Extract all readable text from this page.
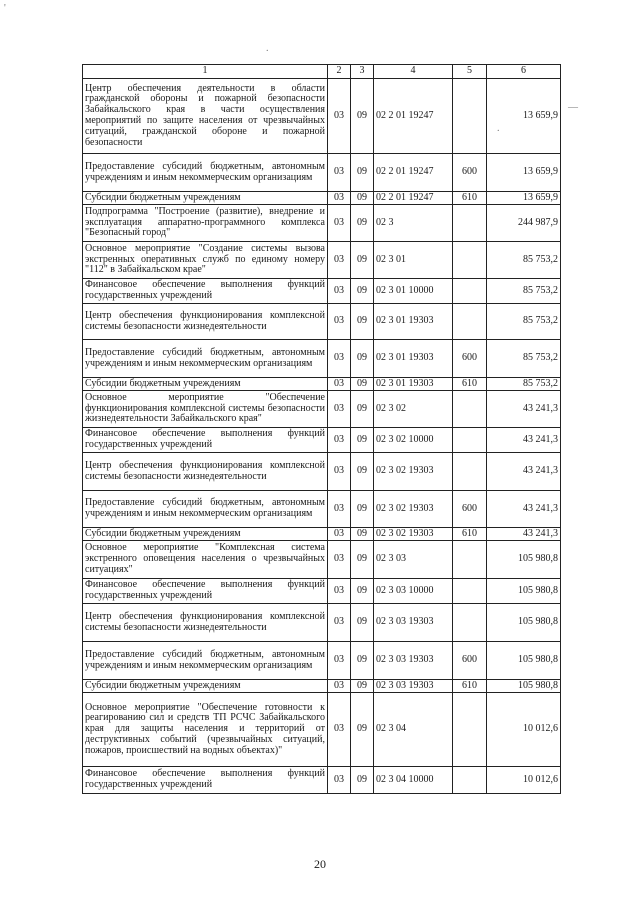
'
.
—
.
1	2	3	4	5	6
Центр обеспечения деятельности в области гражданской обороны и пожарной безопасности Забайкальского края в части осуществления мероприятий по защите населения от чрезвычайных ситуаций, гражданской обороне и пожарной безопасности	03	09	02 2 01 19247		13 659,9
Предоставление субсидий бюджетным, автономным учреждениям и иным некоммерческим организациям	03	09	02 2 01 19247	600	13 659,9
Субсидии бюджетным учреждениям	03	09	02 2 01 19247	610	13 659,9
Подпрограмма "Построение (развитие), внедрение и эксплуатация аппаратно-программного комплекса "Безопасный город"	03	09	02 3		244 987,9
Основное мероприятие "Создание системы вызова экстренных оперативных служб по единому номеру "112" в Забайкальском крае"	03	09	02 3 01		85 753,2
Финансовое обеспечение выполнения функций государственных учреждений	03	09	02 3 01 10000		85 753,2
Центр обеспечения функционирования комплексной системы безопасности жизнедеятельности	03	09	02 3 01 19303		85 753,2
Предоставление субсидий бюджетным, автономным учреждениям и иным некоммерческим организациям	03	09	02 3 01 19303	600	85 753,2
Субсидии бюджетным учреждениям	03	09	02 3 01 19303	610	85 753,2
Основное мероприятие "Обеспечение функционирования комплексной системы безопасности жизнедеятельности Забайкальского края"	03	09	02 3 02		43 241,3
Финансовое обеспечение выполнения функций государственных учреждений	03	09	02 3 02 10000		43 241,3
Центр обеспечения функционирования комплексной системы безопасности жизнедеятельности	03	09	02 3 02 19303		43 241,3
Предоставление субсидий бюджетным, автономным учреждениям и иным некоммерческим организациям	03	09	02 3 02 19303	600	43 241,3
Субсидии бюджетным учреждениям	03	09	02 3 02 19303	610	43 241,3
Основное мероприятие "Комплексная система экстренного оповещения населения о чрезвычайных ситуациях"	03	09	02 3 03		105 980,8
Финансовое обеспечение выполнения функций государственных учреждений	03	09	02 3 03 10000		105 980,8
Центр обеспечения функционирования комплексной системы безопасности жизнедеятельности	03	09	02 3 03 19303		105 980,8
Предоставление субсидий бюджетным, автономным учреждениям и иным некоммерческим организациям	03	09	02 3 03 19303	600	105 980,8
Субсидии бюджетным учреждениям	03	09	02 3 03 19303	610	105 980,8
Основное мероприятие "Обеспечение готовности к реагированию сил и средств ТП РСЧС Забайкальского края для защиты населения и территорий от деструктивных событий (чрезвычайных ситуаций, пожаров, происшествий на водных объектах)"	03	09	02 3 04		10 012,6
Финансовое обеспечение выполнения функций государственных учреждений	03	09	02 3 04 10000		10 012,6
20
